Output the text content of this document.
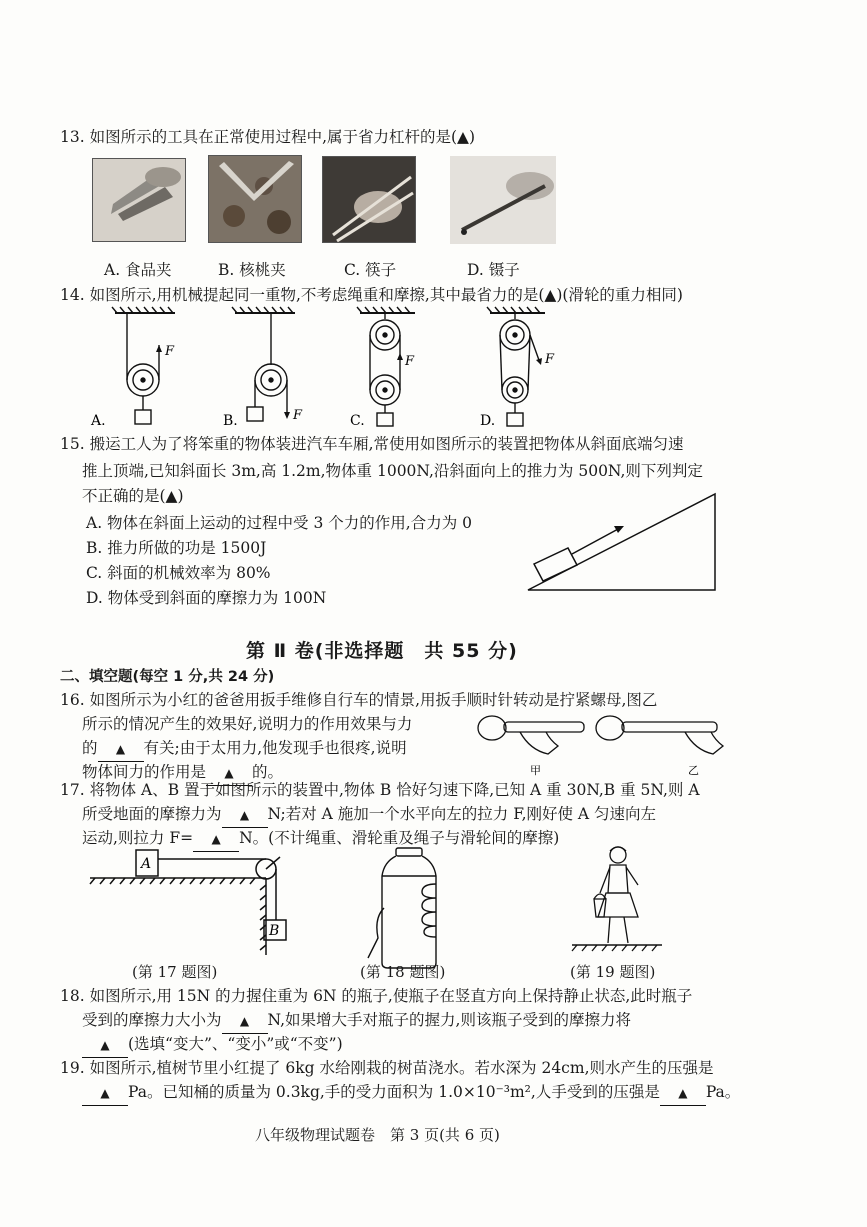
13. 如图所示的工具在正常使用过程中,属于省力杠杆的是(▲)
A. 食品夹	B. 核桃夹	C. 筷子	D. 镊子
14. 如图所示,用机械提起同一重物,不考虑绳重和摩擦,其中最省力的是(▲)(滑轮的重力相同)
F
A.	F
B.
F
C.
F
D.
15. 搬运工人为了将笨重的物体装进汽车车厢,常使用如图所示的装置把物体从斜面底端匀速
推上顶端,已知斜面长 3m,高 1.2m,物体重 1000N,沿斜面向上的推力为 500N,则下列判定
不正确的是(▲)
A. 物体在斜面上运动的过程中受 3 个力的作用,合力为 0
B. 推力所做的功是 1500J
C. 斜面的机械效率为 80%
D. 物体受到斜面的摩擦力为 100N
第 Ⅱ 卷(非选择题　共 55 分)
二、填空题(每空 1 分,共 24 分)
16. 如图所示为小红的爸爸用扳手维修自行车的情景,用扳手顺时针转动是拧紧螺母,图乙
所示的情况产生的效果好,说明力的作用效果与力
的 ▲ 有关;由于太用力,他发现手也很疼,说明
物体间力的作用是 ▲ 的。	甲	乙
17. 将物体 A、B 置于如图所示的装置中,物体 B 恰好匀速下降,已知 A 重 30N,B 重 5N,则 A
所受地面的摩擦力为 ▲ N;若对 A 施加一个水平向左的拉力 F,刚好使 A 匀速向左
运动,则拉力 F= ▲ N。(不计绳重、滑轮重及绳子与滑轮间的摩擦)
A
B
(第 17 题图)	(第 18 题图)	(第 19 题图)
18. 如图所示,用 15N 的力握住重为 6N 的瓶子,使瓶子在竖直方向上保持静止状态,此时瓶子
受到的摩擦力大小为 ▲ N,如果增大手对瓶子的握力,则该瓶子受到的摩擦力将
▲ (选填“变大”、“变小”或“不变”)
19. 如图所示,植树节里小红提了 6kg 水给刚栽的树苗浇水。若水深为 24cm,则水产生的压强是
▲ Pa。已知桶的质量为 0.3kg,手的受力面积为 1.0×10⁻³m²,人手受到的压强是 ▲ Pa。
八年级物理试题卷　第 3 页(共 6 页)
